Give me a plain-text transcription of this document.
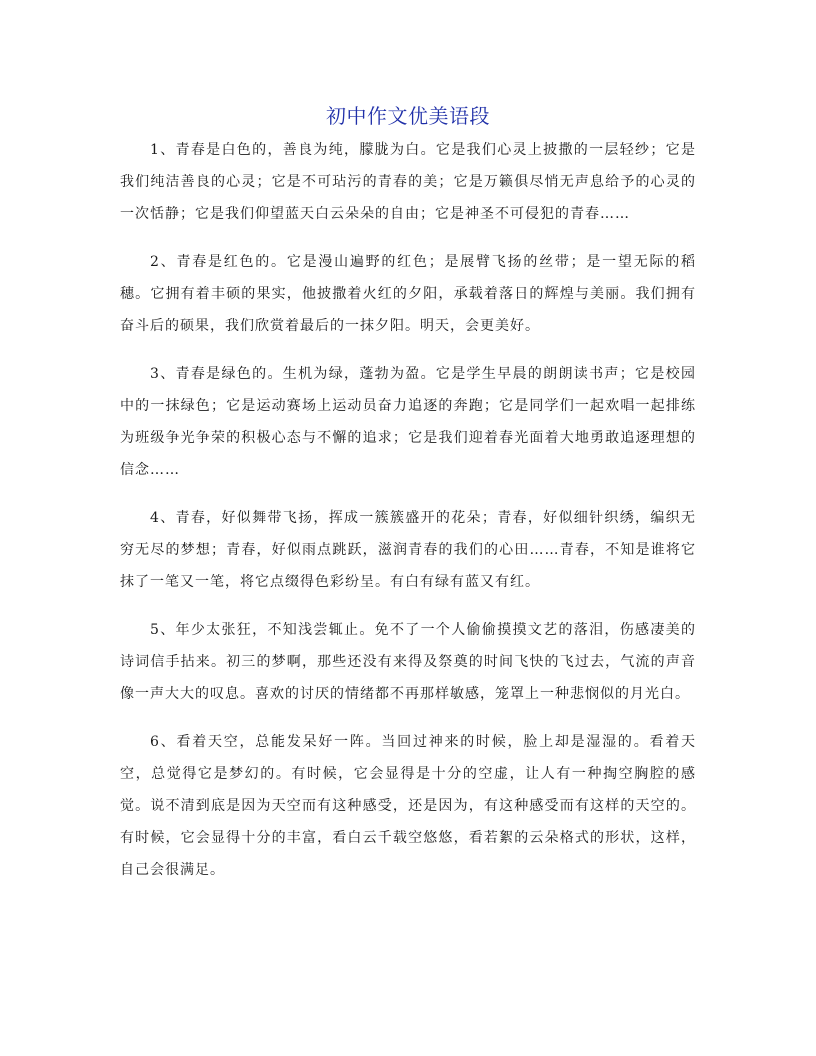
初中作文优美语段

1、青春是白色的，善良为纯，朦胧为白。它是我们心灵上披撒的一层轻纱；它是我们纯洁善良的心灵；它是不可玷污的青春的美；它是万籁俱尽悄无声息给予的心灵的一次恬静；它是我们仰望蓝天白云朵朵的自由；它是神圣不可侵犯的青春……

2、青春是红色的。它是漫山遍野的红色；是展臂飞扬的丝带；是一望无际的稻穗。它拥有着丰硕的果实，他披撒着火红的夕阳，承载着落日的辉煌与美丽。我们拥有奋斗后的硕果，我们欣赏着最后的一抹夕阳。明天，会更美好。

3、青春是绿色的。生机为绿，蓬勃为盈。它是学生早晨的朗朗读书声；它是校园中的一抹绿色；它是运动赛场上运动员奋力追逐的奔跑；它是同学们一起欢唱一起排练为班级争光争荣的积极心态与不懈的追求；它是我们迎着春光面着大地勇敢追逐理想的信念……

4、青春，好似舞带飞扬，挥成一簇簇盛开的花朵；青春，好似细针织绣，编织无穷无尽的梦想；青春，好似雨点跳跃，滋润青春的我们的心田……青春，不知是谁将它抹了一笔又一笔，将它点缀得色彩纷呈。有白有绿有蓝又有红。

5、年少太张狂，不知浅尝辄止。免不了一个人偷偷摸摸文艺的落泪，伤感凄美的诗词信手拈来。初三的梦啊，那些还没有来得及祭奠的时间飞快的飞过去，气流的声音像一声大大的叹息。喜欢的讨厌的情绪都不再那样敏感，笼罩上一种悲悯似的月光白。

6、看着天空，总能发呆好一阵。当回过神来的时候，脸上却是湿湿的。看着天空，总觉得它是梦幻的。有时候，它会显得是十分的空虚，让人有一种掏空胸腔的感觉。说不清到底是因为天空而有这种感受，还是因为，有这种感受而有这样的天空的。有时候，它会显得十分的丰富，看白云千载空悠悠，看若絮的云朵格式的形状，这样，自己会很满足。
